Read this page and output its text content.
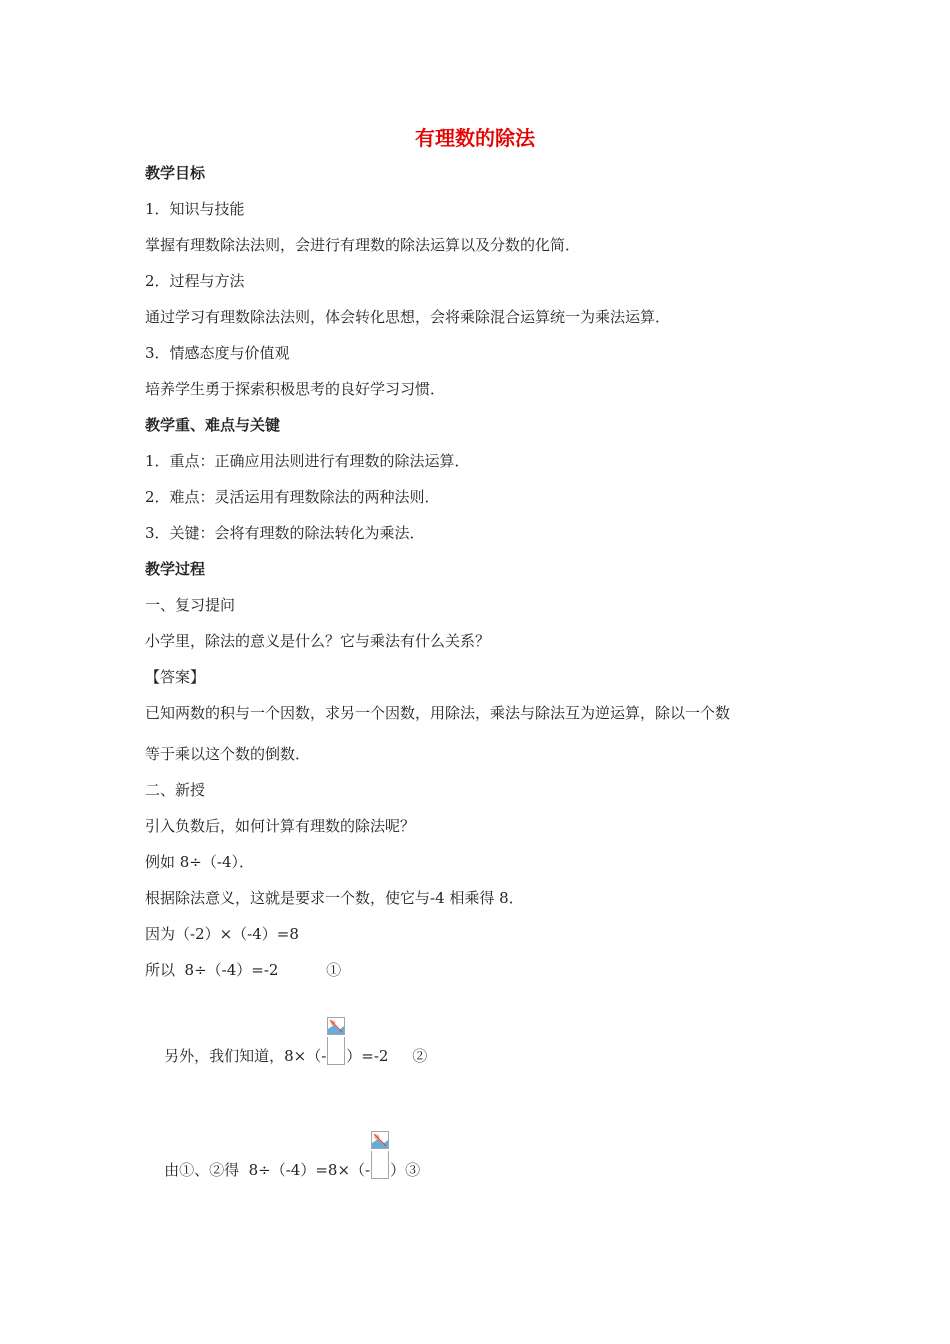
有理数的除法
教学目标
1．知识与技能
掌握有理数除法法则，会进行有理数的除法运算以及分数的化简．
2．过程与方法
通过学习有理数除法法则，体会转化思想，会将乘除混合运算统一为乘法运算．
3．情感态度与价值观
培养学生勇于探索积极思考的良好学习习惯．
教学重、难点与关键
1．重点：正确应用法则进行有理数的除法运算．
2．难点：灵活运用有理数除法的两种法则．
3．关键：会将有理数的除法转化为乘法．
教学过程
一、复习提问
小学里，除法的意义是什么？它与乘法有什么关系？
【答案】
已知两数的积与一个因数，求另一个因数，用除法，乘法与除法互为逆运算，除以一个数
等于乘以这个数的倒数．
二、新授
引入负数后，如何计算有理数的除法呢？
例如 8÷（-4）．
根据除法意义，这就是要求一个数，使它与-4 相乘得 8．
因为（-2）×（-4）=8
所以  8÷（-4）=-2          ①

另外，我们知道，8×（- ）=-2     ②

由①、②得  8÷（-4）=8×（- ）③
